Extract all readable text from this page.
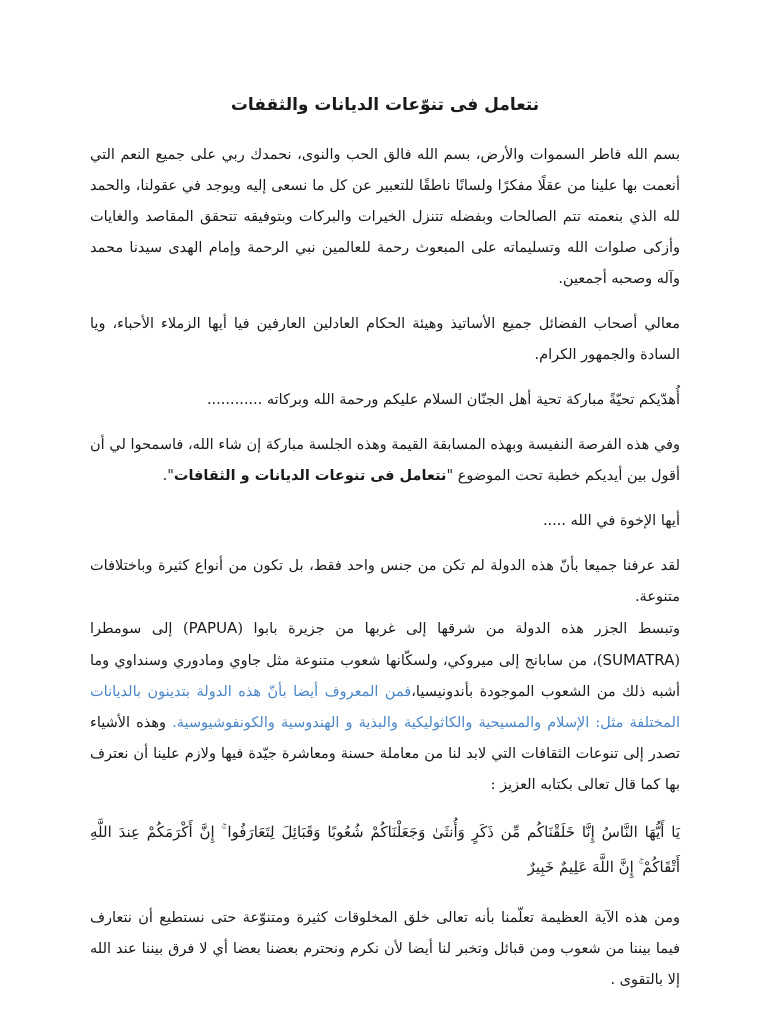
نتعامل فى تنوّعات الديانات والثقفات

بسم الله فاطر السموات والأرض، بسم الله فالق الحب والنوى، نحمدك ربي على جميع النعم التي أنعمت بها علينا من عقلًا مفكرًا ولسانًا ناطقًا للتعبير عن كل ما نسعى إليه ويوجد في عقولنا، والحمد لله الذي بنعمته تتم الصالحات وبفضله تتنزل الخيرات والبركات وبتوفيقه تتحقق المقاصد والغايات وأزكى صلوات الله وتسليماته على المبعوث رحمة للعالمين نبي الرحمة وإمام الهدى سيدنا محمد وآله وصحبه أجمعين.

معالي أصحاب الفضائل جميع الأساتيذ وهيئة الحكام العادلين العارفين فيا أيها الزملاء الأحباء، ويا السادة والجمهور الكرام.

أُهدّيكم تحيّةً مباركة تحية أهل الجنّان السلام عليكم ورحمة الله وبركاته ............

وفي هذه الفرصة النفيسة وبهذه المسابقة القيمة وهذه الجلسة مباركة إن شاء الله، فاسمحوا لي أن أقول بين أيديكم خطبة تحت الموضوع "نتعامل فى تنوعات الديانات و الثقافات".

أيها الإخوة في الله .....

لقد عرفنا جميعا بأنّ هذه الدولة لم تكن من جنس واحد فقط، بل تكون من أنواع كثيرة وباختلافات متنوعة.

وتبسط الجزر هذه الدولة من شرقها إلى غربها من جزيرة بابوا (PAPUA) إلى سومطرا (SUMATRA)، من سابانج إلى ميروكي، ولسكّانها شعوب متنوعة مثل جاوي ومادوري وسنداوي وما أشبه ذلك من الشعوب الموجودة بأندونيسيا،فمن المعروف أيضا بأنّ هذه الدولة بتدينون بالديانات المختلفة مثل: الإسلام والمسيحية والكاثوليكية والبذية و الهندوسية والكونفوشيوسية. وهذه الأشياء تصدر إلى تنوعات الثقافات التي لابد لنا من معاملة حسنة ومعاشرة جيّدة فيها ولازم علينا أن نعترف بها كما قال تعالى بكتابه العزيز :

يَا أَيُّهَا النَّاسُ إِنَّا خَلَقْنَاكُم مِّن ذَكَرٍ وَأُنثَىٰ وَجَعَلْنَاكُمْ شُعُوبًا وَقَبَائِلَ لِتَعَارَفُوا ۚ إِنَّ أَكْرَمَكُمْ عِندَ اللَّهِ أَتْقَاكُمْ ۚ إِنَّ اللَّهَ عَلِيمٌ خَبِيرٌ

ومن هذه الآية العظيمة تعلّمنا بأنه تعالى خلق المخلوقات كثيرة ومتنوّعة حتى نستطيع أن نتعارف فيما بيننا من شعوب ومن قبائل وتخبر لنا أيضا لأن نكرم ونحترم بعضنا بعضا أي لا فرق بيننا عند الله إلا بالتقوى .
